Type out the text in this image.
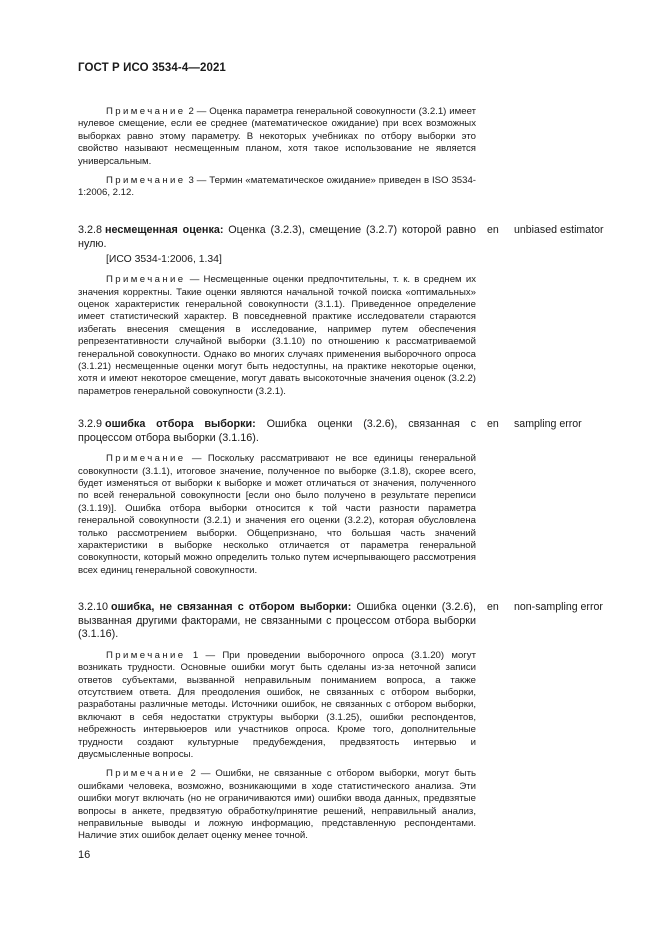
ГОСТ Р ИСО 3534-4—2021

Примечание 2 — Оценка параметра генеральной совокупности (3.2.1) имеет нулевое смещение, если ее среднее (математическое ожидание) при всех возможных выборках равно этому параметру. В некоторых учебниках по отбору выборки это свойство называют несмещенным планом, хотя такое использование не является универсальным.

Примечание 3 — Термин «математическое ожидание» приведен в ISO 3534-1:2006, 2.12.

3.2.8 несмещенная оценка: Оценка (3.2.3), смещение (3.2.7) которой равно нулю.

[ИСО 3534-1:2006, 1.34]

Примечание — Несмещенные оценки предпочтительны, т. к. в среднем их значения корректны. Такие оценки являются начальной точкой поиска «оптимальных» оценок характеристик генеральной совокупности (3.1.1). Приведенное определение имеет статистический характер. В повседневной практике исследователи стараются избегать внесения смещения в исследование, например путем обеспечения репрезентативности случайной выборки (3.1.10) по отношению к рассматриваемой генеральной совокупности. Однако во многих случаях применения выборочного опроса (3.1.21) несмещенные оценки могут быть недоступны, на практике некоторые оценки, хотя и имеют некоторое смещение, могут давать высокоточные значения оценок (3.2.2) параметров генеральной совокупности (3.2.1).

en unbiased estimator

3.2.9 ошибка отбора выборки: Ошибка оценки (3.2.6), связанная с процессом отбора выборки (3.1.16).

Примечание — Поскольку рассматривают не все единицы генеральной совокупности (3.1.1), итоговое значение, полученное по выборке (3.1.8), скорее всего, будет изменяться от выборки к выборке и может отличаться от значения, полученного по всей генеральной совокупности [если оно было получено в результате переписи (3.1.19)]. Ошибка отбора выборки относится к той части разности параметра генеральной совокупности (3.2.1) и значения его оценки (3.2.2), которая обусловлена только рассмотрением выборки. Общепризнано, что большая часть значений характеристики в выборке несколько отличается от параметра генеральной совокупности, который можно определить только путем исчерпывающего рассмотрения всех единиц генеральной совокупности.

en sampling error

3.2.10 ошибка, не связанная с отбором выборки: Ошибка оценки (3.2.6), вызванная другими факторами, не связанными с процессом отбора выборки (3.1.16).

Примечание 1 — При проведении выборочного опроса (3.1.20) могут возникать трудности. Основные ошибки могут быть сделаны из-за неточной записи ответов субъектами, вызванной неправильным пониманием вопроса, а также отсутствием ответа. Для преодоления ошибок, не связанных с отбором выборки, разработаны различные методы. Источники ошибок, не связанных с отбором выборки, включают в себя недостатки структуры выборки (3.1.25), ошибки респондентов, небрежность интервьюеров или участников опроса. Кроме того, дополнительные трудности создают культурные предубеждения, предвзятость интервью и двусмысленные вопросы.

Примечание 2 — Ошибки, не связанные с отбором выборки, могут быть ошибками человека, возможно, возникающими в ходе статистического анализа. Эти ошибки могут включать (но не ограничиваются ими) ошибки ввода данных, предвзятые вопросы в анкете, предвзятую обработку/принятие решений, неправильный анализ, неправильные выводы и ложную информацию, представленную респондентами. Наличие этих ошибок делает оценку менее точной.

en non-sampling error
16
